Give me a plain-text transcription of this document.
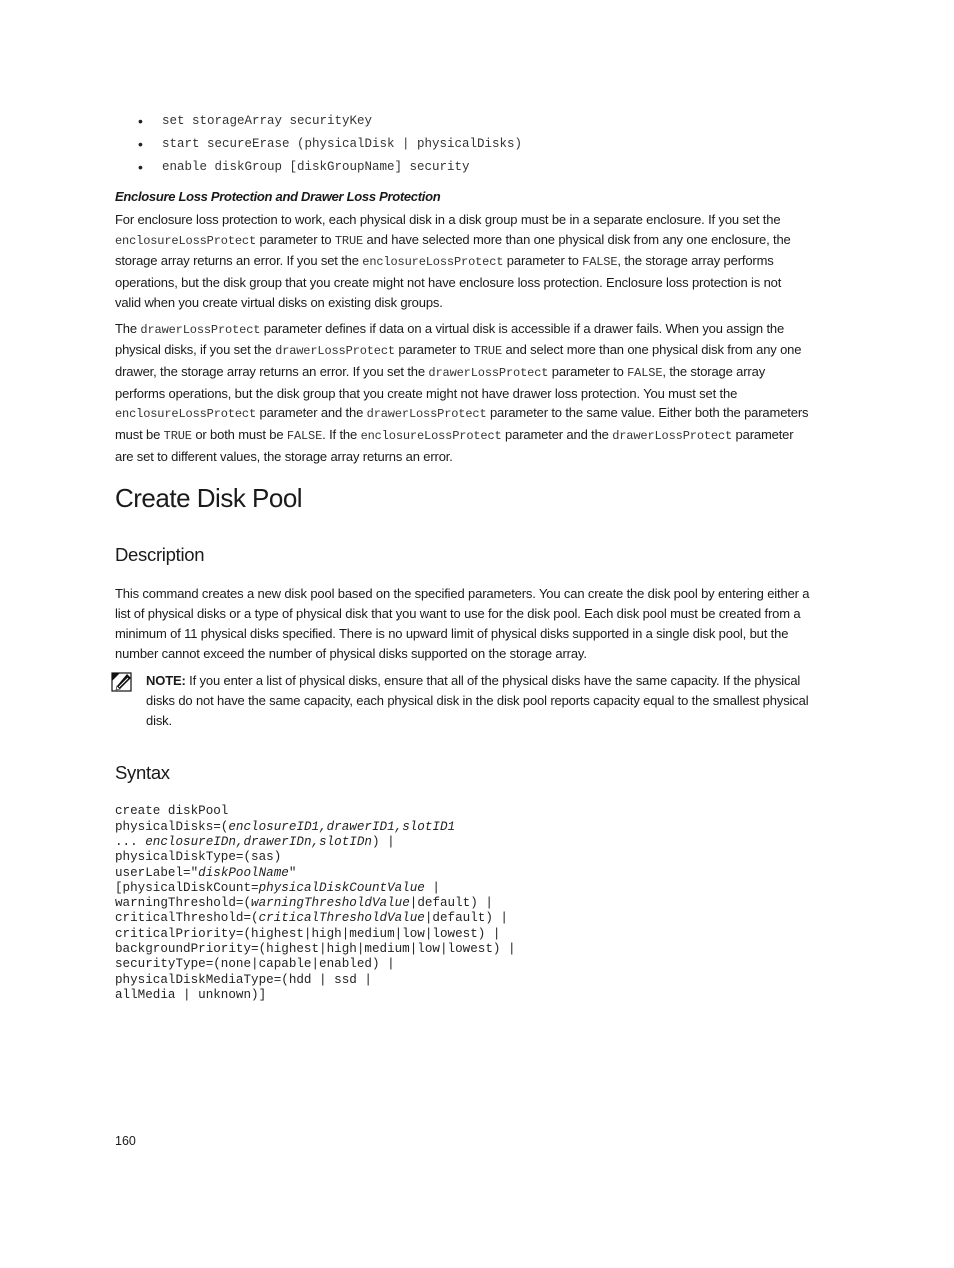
• set storageArray securityKey
• start secureErase (physicalDisk | physicalDisks)
• enable diskGroup [diskGroupName] security
Enclosure Loss Protection and Drawer Loss Protection

For enclosure loss protection to work, each physical disk in a disk group must be in a separate enclosure. If you set the enclosureLossProtect parameter to TRUE and have selected more than one physical disk from any one enclosure, the storage array returns an error. If you set the enclosureLossProtect parameter to FALSE, the storage array performs operations, but the disk group that you create might not have enclosure loss protection. Enclosure loss protection is not valid when you create virtual disks on existing disk groups.

The drawerLossProtect parameter defines if data on a virtual disk is accessible if a drawer fails. When you assign the physical disks, if you set the drawerLossProtect parameter to TRUE and select more than one physical disk from any one drawer, the storage array returns an error. If you set the drawerLossProtect parameter to FALSE, the storage array performs operations, but the disk group that you create might not have drawer loss protection. You must set the enclosureLossProtect parameter and the drawerLossProtect parameter to the same value. Either both the parameters must be TRUE or both must be FALSE. If the enclosureLossProtect parameter and the drawerLossProtect parameter are set to different values, the storage array returns an error.

Create Disk Pool
Description

This command creates a new disk pool based on the specified parameters. You can create the disk pool by entering either a list of physical disks or a type of physical disk that you want to use for the disk pool. Each disk pool must be created from a minimum of 11 physical disks specified. There is no upward limit of physical disks supported in a single disk pool, but the number cannot exceed the number of physical disks supported on the storage array.

NOTE: If you enter a list of physical disks, ensure that all of the physical disks have the same capacity. If the physical disks do not have the same capacity, each physical disk in the disk pool reports capacity equal to the smallest physical disk.

Syntax
create diskPool
physicalDisks=(enclosureID1,drawerID1,slotID1
... enclosureIDn,drawerIDn,slotIDn) |
physicalDiskType=(sas)
userLabel="diskPoolName"
[physicalDiskCount=physicalDiskCountValue |
warningThreshold=(warningThresholdValue|default) |
criticalThreshold=(criticalThresholdValue|default) |
criticalPriority=(highest|high|medium|low|lowest) |
backgroundPriority=(highest|high|medium|low|lowest) |
securityType=(none|capable|enabled) |
physicalDiskMediaType=(hdd | ssd |
allMedia | unknown)]
160
